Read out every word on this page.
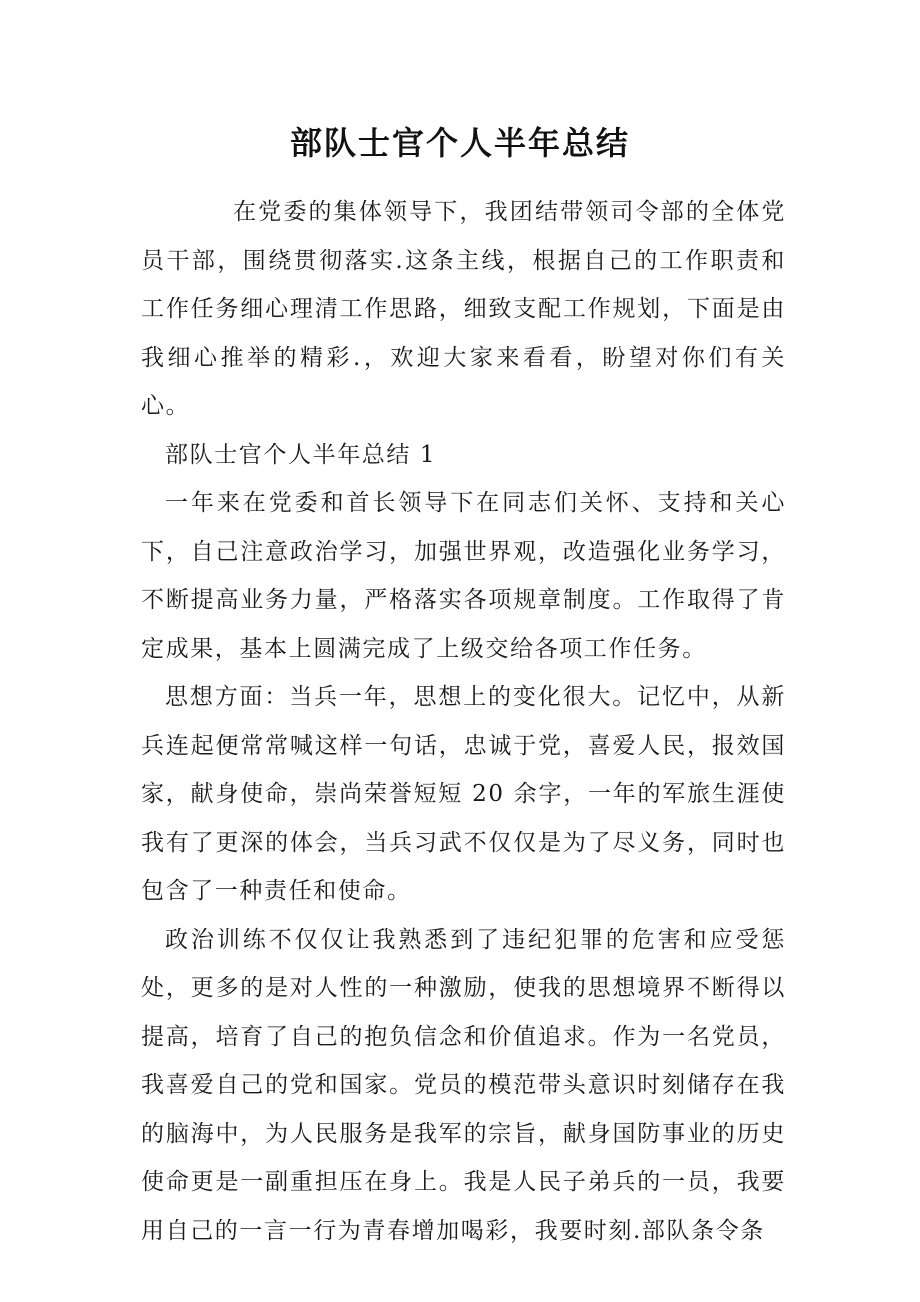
部队士官个人半年总结

在党委的集体领导下，我团结带领司令部的全体党员干部，围绕贯彻落实.这条主线，根据自己的工作职责和工作任务细心理清工作思路，细致支配工作规划，下面是由我细心推举的精彩.，欢迎大家来看看，盼望对你们有关心。

部队士官个人半年总结 1

一年来在党委和首长领导下在同志们关怀、支持和关心下，自己注意政治学习，加强世界观，改造强化业务学习，不断提高业务力量，严格落实各项规章制度。工作取得了肯定成果，基本上圆满完成了上级交给各项工作任务。

思想方面：当兵一年，思想上的变化很大。记忆中，从新兵连起便常常喊这样一句话，忠诚于党，喜爱人民，报效国家，献身使命，崇尚荣誉短短 20 余字，一年的军旅生涯使我有了更深的体会，当兵习武不仅仅是为了尽义务，同时也包含了一种责任和使命。

政治训练不仅仅让我熟悉到了违纪犯罪的危害和应受惩处，更多的是对人性的一种激励，使我的思想境界不断得以提高，培育了自己的抱负信念和价值追求。作为一名党员，我喜爱自己的党和国家。党员的模范带头意识时刻储存在我的脑海中，为人民服务是我军的宗旨，献身国防事业的历史使命更是一副重担压在身上。我是人民子弟兵的一员，我要用自己的一言一行为青春增加喝彩，我要时刻.部队条令条
